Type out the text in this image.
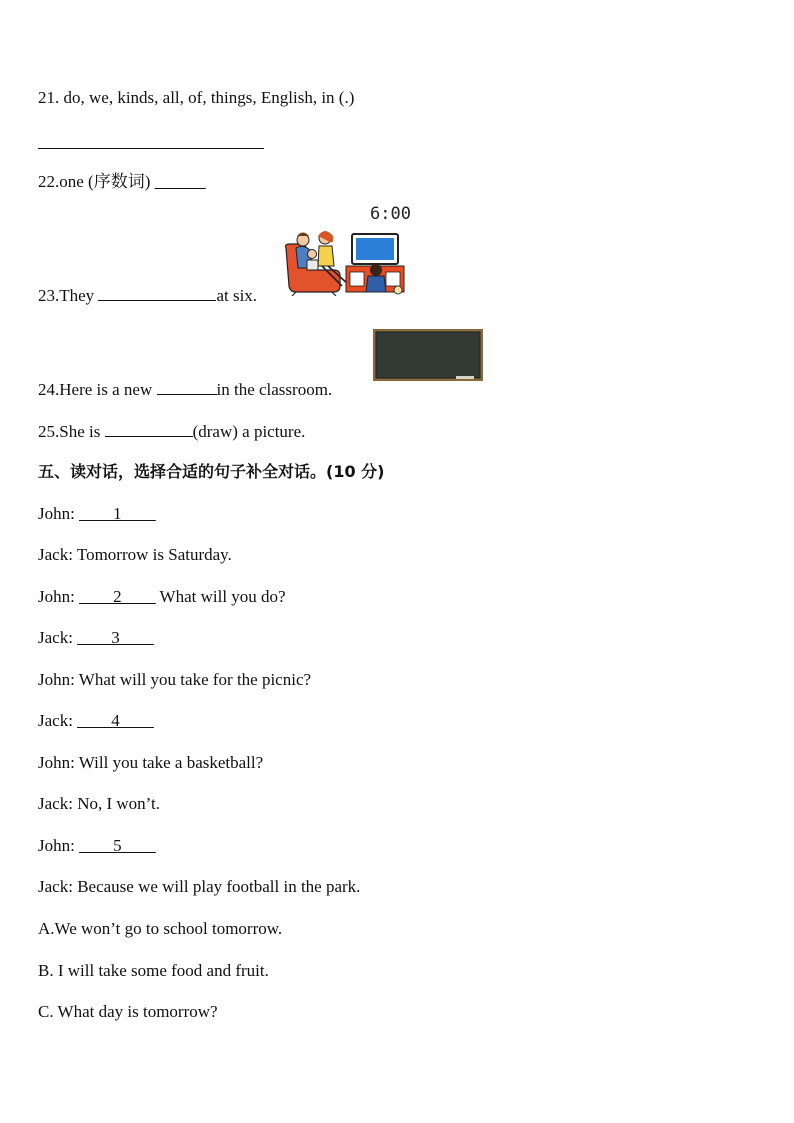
21. do, we, kinds, all, of, things, English, in (.)
22.one (序数词) ______
6:00
23.They	at six.
24.Here is a new	in the classroom.
25.She is	(draw) a picture.
五、读对话，选择合适的句子补全对话。(10 分)
John: ____1____
Jack: Tomorrow is Saturday.
John: ____2____ What will you do?
Jack: ____3____
John: What will you take for the picnic?
Jack: ____4____
John: Will you take a basketball?
Jack: No, I won’t.
John: ____5____
Jack: Because we will play football in the park.
A.We won’t go to school tomorrow.
B. I will take some food and fruit.
C. What day is tomorrow?
